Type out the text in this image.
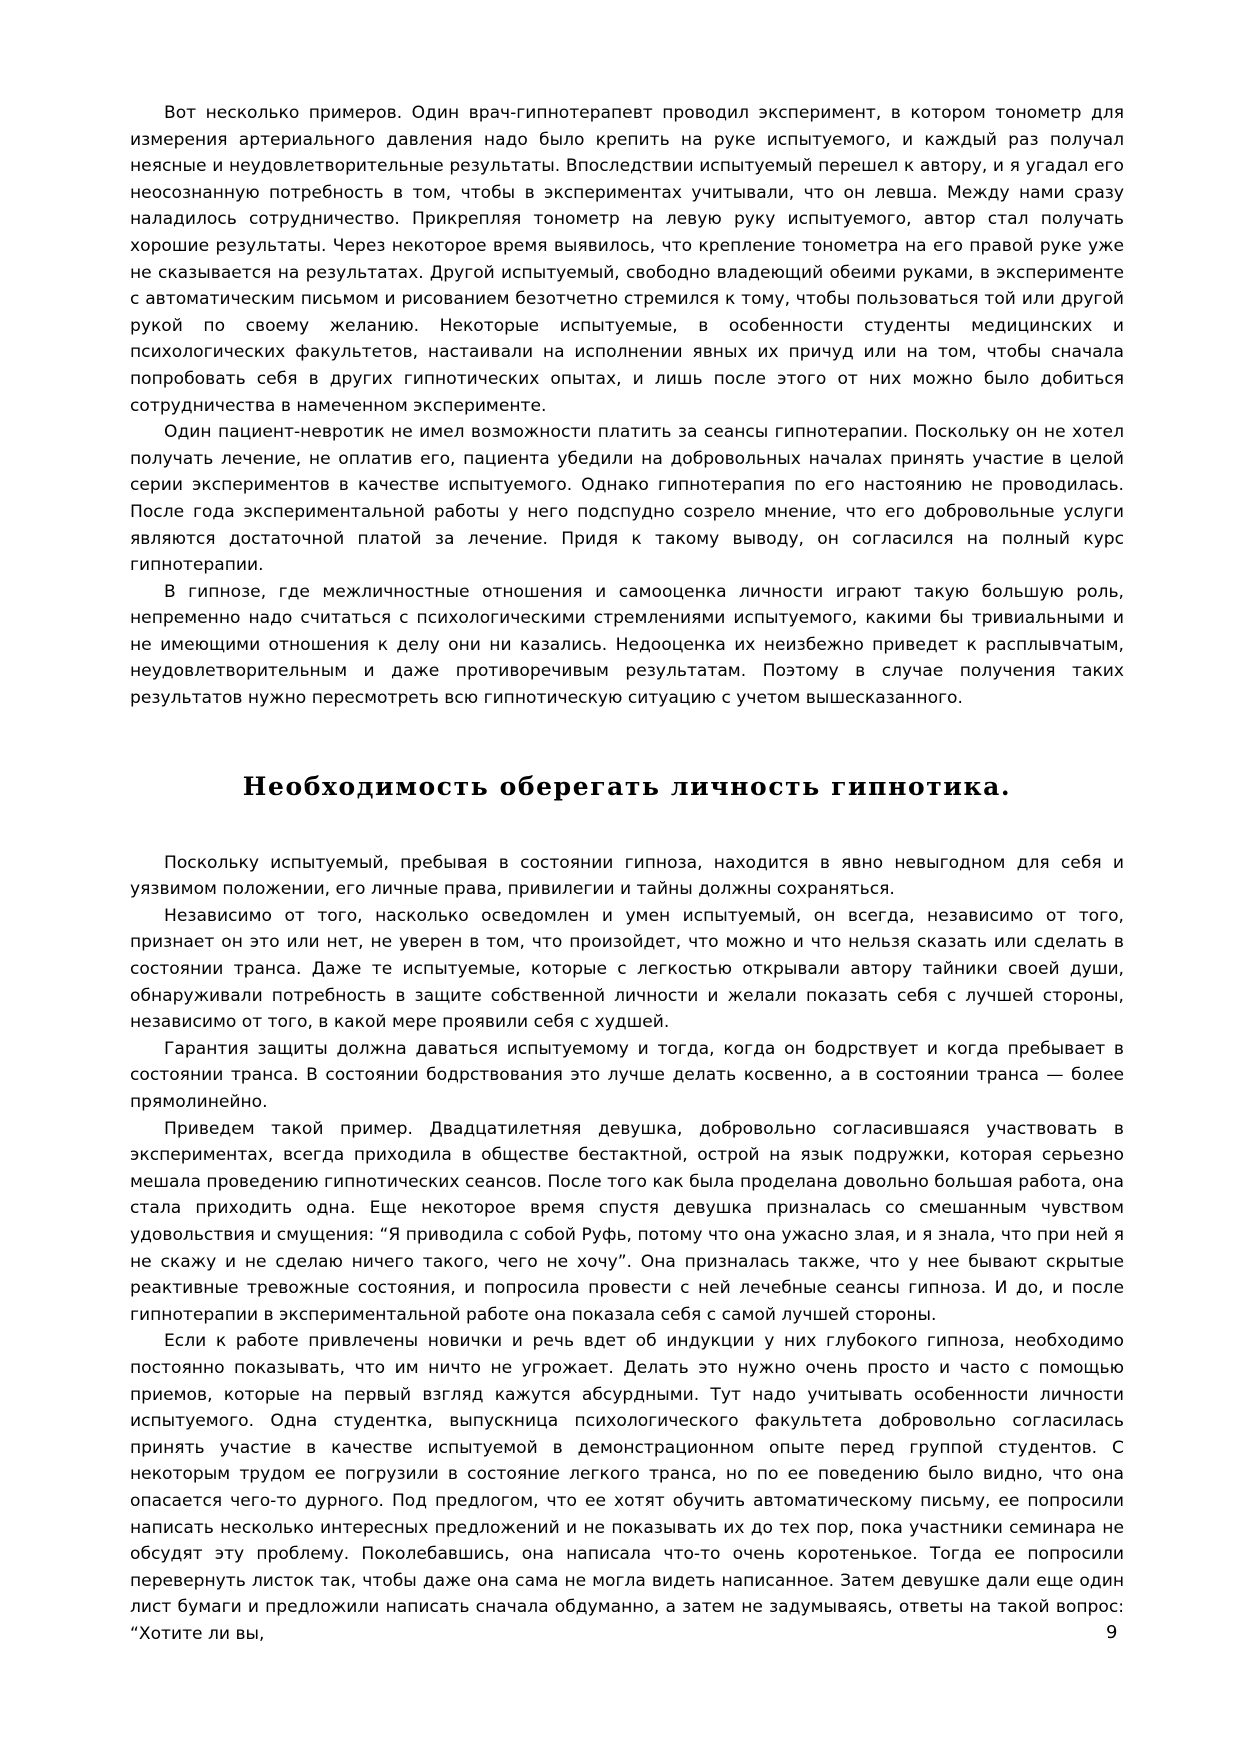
Вот несколько примеров. Один врач-гипнотерапевт проводил эксперимент, в котором тонометр для измерения артериального давления надо было крепить на руке испытуемого, и каждый раз получал неясные и неудовлетворительные результаты. Впоследствии испытуемый перешел к автору, и я угадал его неосознанную потребность в том, чтобы в экспериментах учитывали, что он левша. Между нами сразу наладилось сотрудничество. Прикрепляя тонометр на левую руку испытуемого, автор стал получать хорошие результаты. Через некоторое время выявилось, что крепление тонометра на его правой руке уже не сказывается на результатах. Другой испытуемый, свободно владеющий обеими руками, в эксперименте с автоматическим письмом и рисованием безотчетно стремился к тому, чтобы пользоваться той или другой рукой по своему желанию. Некоторые испытуемые, в особенности студенты медицинских и психологических факультетов, настаивали на исполнении явных их причуд или на том, чтобы сначала попробовать себя в других гипнотических опытах, и лишь после этого от них можно было добиться сотрудничества в намеченном эксперименте.

Один пациент-невротик не имел возможности платить за сеансы гипнотерапии. Поскольку он не хотел получать лечение, не оплатив его, пациента убедили на добровольных началах принять участие в целой серии экспериментов в качестве испытуемого. Однако гипнотерапия по его настоянию не проводилась. После года экспериментальной работы у него подспудно созрело мнение, что его добровольные услуги являются достаточной платой за лечение. Придя к такому выводу, он согласился на полный курс гипнотерапии.

В гипнозе, где межличностные отношения и самооценка личности играют такую большую роль, непременно надо считаться с психологическими стремлениями испытуемого, какими бы тривиальными и не имеющими отношения к делу они ни казались. Недооценка их неизбежно приведет к расплывчатым, неудовлетворительным и даже противоречивым результатам. Поэтому в случае получения таких результатов нужно пересмотреть всю гипнотическую ситуацию с учетом вышесказанного.

Необходимость оберегать личность гипнотика.

Поскольку испытуемый, пребывая в состоянии гипноза, находится в явно невыгодном для себя и уязвимом положении, его личные права, привилегии и тайны должны сохраняться.

Независимо от того, насколько осведомлен и умен испытуемый, он всегда, независимо от того, признает он это или нет, не уверен в том, что произойдет, что можно и что нельзя сказать или сделать в состоянии транса. Даже те испытуемые, которые с легкостью открывали автору тайники своей души, обнаруживали потребность в защите собственной личности и желали показать себя с лучшей стороны, независимо от того, в какой мере проявили себя с худшей.

Гарантия защиты должна даваться испытуемому и тогда, когда он бодрствует и когда пребывает в состоянии транса. В состоянии бодрствования это лучше делать косвенно, а в состоянии транса — более прямолинейно.

Приведем такой пример. Двадцатилетняя девушка, добровольно согласившаяся участвовать в экспериментах, всегда приходила в обществе бестактной, острой на язык подружки, которая серьезно мешала проведению гипнотических сеансов. После того как была проделана довольно большая работа, она стала приходить одна. Еще некоторое время спустя девушка призналась со смешанным чувством удовольствия и смущения: “Я приводила с собой Руфь, потому что она ужасно злая, и я знала, что при ней я не скажу и не сделаю ничего такого, чего не хочу”. Она призналась также, что у нее бывают скрытые реактивные тревожные состояния, и попросила провести с ней лечебные сеансы гипноза. И до, и после гипнотерапии в экспериментальной работе она показала себя с самой лучшей стороны.

Если к работе привлечены новички и речь вдет об индукции у них глубокого гипноза, необходимо постоянно показывать, что им ничто не угрожает. Делать это нужно очень просто и часто с помощью приемов, которые на первый взгляд кажутся абсурдными. Тут надо учитывать особенности личности испытуемого. Одна студентка, выпускница психологического факультета добровольно согласилась принять участие в качестве испытуемой в демонстрационном опыте перед группой студентов. С некоторым трудом ее погрузили в состояние легкого транса, но по ее поведению было видно, что она опасается чего-то дурного. Под предлогом, что ее хотят обучить автоматическому письму, ее попросили написать несколько интересных предложений и не показывать их до тех пор, пока участники семинара не обсудят эту проблему. Поколебавшись, она написала что-то очень коротенькое. Тогда ее попросили перевернуть листок так, чтобы даже она сама не могла видеть написанное. Затем девушке дали еще один лист бумаги и предложили написать сначала обдуманно, а затем не задумываясь, ответы на такой вопрос: “Хотите ли вы,	9
